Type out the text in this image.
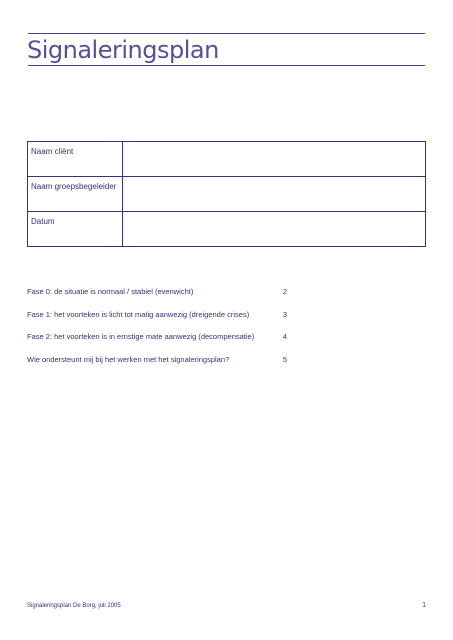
Signaleringsplan
Naam cliënt	
Naam groepsbegeleider	
Datum	
Fase 0: de situatie is normaal / stabiel (evenwicht)	2
Fase 1: het voorteken is licht tot matig aanwezig (dreigende crises)	3
Fase 2: het voorteken is in ernstige mate aanwezig (decompensatie)	4
Wie ondersteunt mij bij het werken met het signaleringsplan?	5
Signaleringsplan De Borg, juli 2005	1
